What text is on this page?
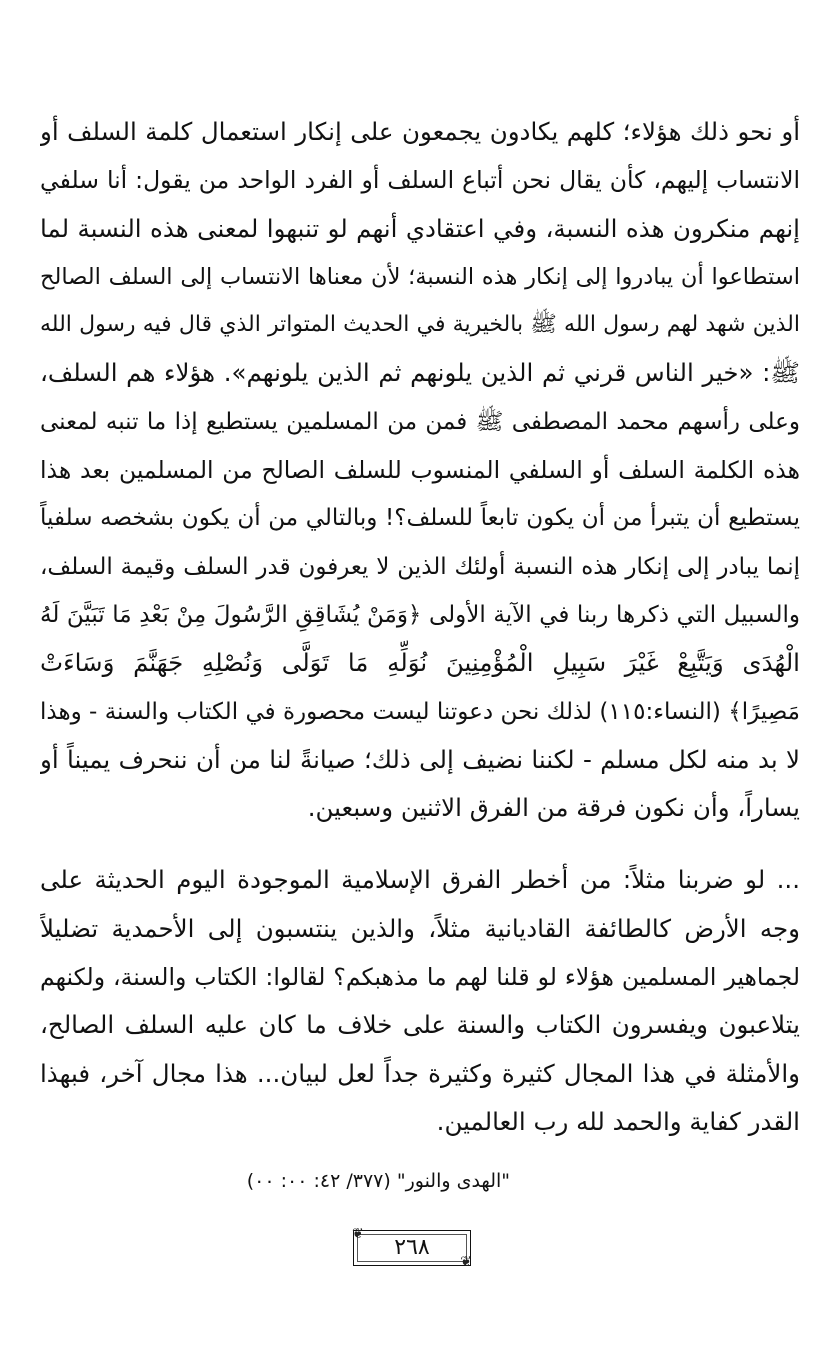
أو نحو ذلك هؤلاء؛ كلهم يكادون يجمعون على إنكار استعمال كلمة السلف أو
الانتساب إليهم، كأن يقال نحن أتباع السلف أو الفرد الواحد من يقول: أنا سلفي
إنهم منكرون هذه النسبة، وفي اعتقادي أنهم لو تنبهوا لمعنى هذه النسبة لما
استطاعوا أن يبادروا إلى إنكار هذه النسبة؛ لأن معناها الانتساب إلى السلف الصالح
الذين شهد لهم رسول الله ﷺ بالخيرية في الحديث المتواتر الذي قال فيه رسول الله
ﷺ: «خير الناس قرني ثم الذين يلونهم ثم الذين يلونهم». هؤلاء هم السلف،
وعلى رأسهم محمد المصطفى ﷺ فمن من المسلمين يستطيع إذا ما تنبه لمعنى
هذه الكلمة السلف أو السلفي المنسوب للسلف الصالح من المسلمين بعد هذا
يستطيع أن يتبرأ من أن يكون تابعاً للسلف؟! وبالتالي من أن يكون بشخصه سلفياً
إنما يبادر إلى إنكار هذه النسبة أولئك الذين لا يعرفون قدر السلف وقيمة السلف،
والسبيل التي ذكرها ربنا في الآية الأولى ﴿وَمَنْ يُشَاقِقِ الرَّسُولَ مِنْ بَعْدِ مَا تَبَيَّنَ لَهُ
الْهُدَى وَيَتَّبِعْ غَيْرَ سَبِيلِ الْمُؤْمِنِينَ نُوَلِّهِ مَا تَوَلَّى وَنُصْلِهِ جَهَنَّمَ وَسَاءَتْ
مَصِيرًا﴾ (النساء:١١٥) لذلك نحن دعوتنا ليست محصورة في الكتاب والسنة - وهذا
لا بد منه لكل مسلم - لكننا نضيف إلى ذلك؛ صيانةً لنا من أن ننحرف يميناً أو
يساراً، وأن نكون فرقة من الفرق الاثنين وسبعين.
... لو ضربنا مثلاً: من أخطر الفرق الإسلامية الموجودة اليوم الحديثة على
وجه الأرض كالطائفة القاديانية مثلاً، والذين ينتسبون إلى الأحمدية تضليلاً
لجماهير المسلمين هؤلاء لو قلنا لهم ما مذهبكم؟ لقالوا: الكتاب والسنة، ولكنهم
يتلاعبون ويفسرون الكتاب والسنة على خلاف ما كان عليه السلف الصالح،
والأمثلة في هذا المجال كثيرة وكثيرة جداً لعل لبيان... هذا مجال آخر، فبهذا
القدر كفاية والحمد لله رب العالمين.
"الهدى والنور" (٣٧٧/ ٤٢: ٠٠: ٠٠)
❦
٢٦٨
❦
